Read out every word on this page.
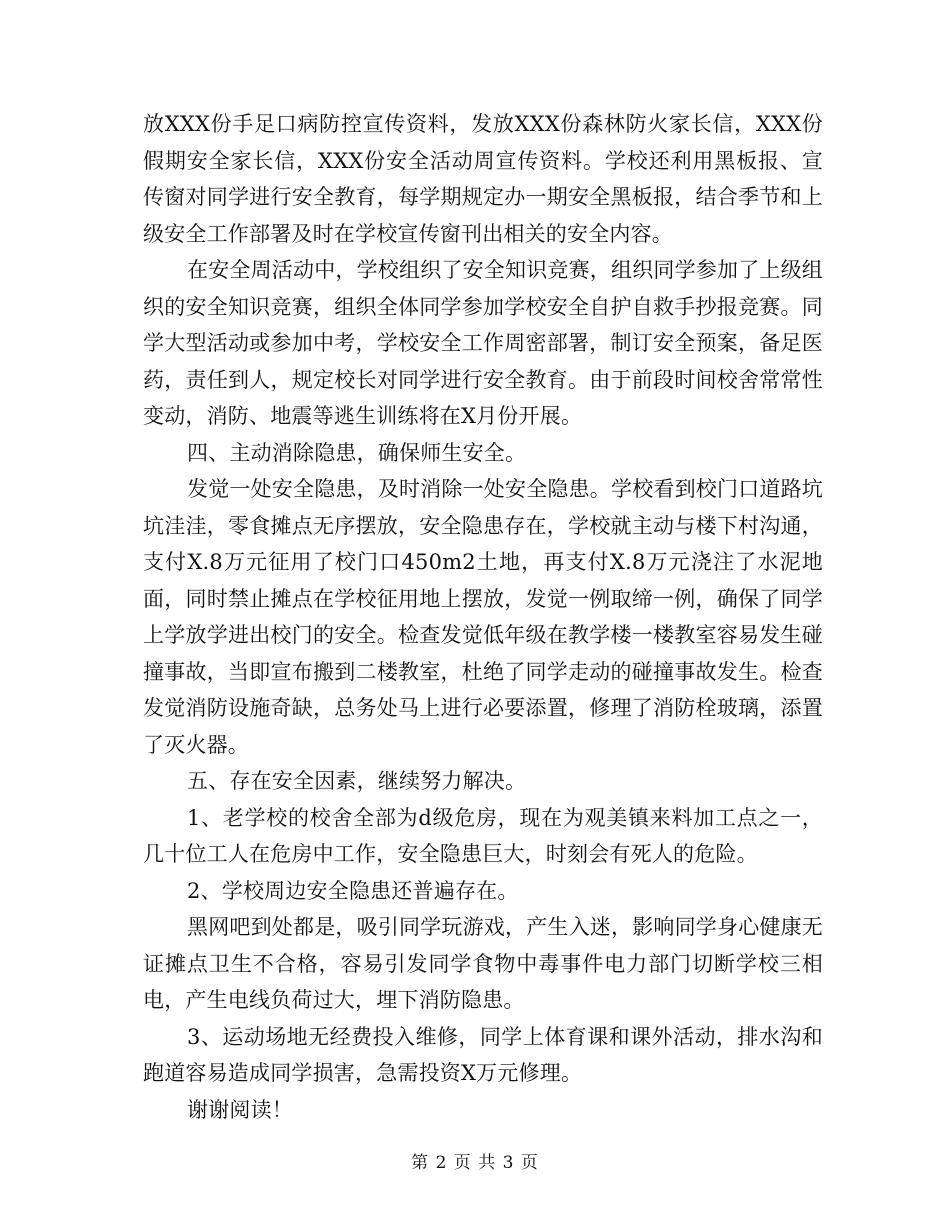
放XXX份手足口病防控宣传资料，发放XXX份森林防火家长信，XXX份假期安全家长信，XXX份安全活动周宣传资料。学校还利用黑板报、宣传窗对同学进行安全教育，每学期规定办一期安全黑板报，结合季节和上级安全工作部署及时在学校宣传窗刊出相关的安全内容。

在安全周活动中，学校组织了安全知识竞赛，组织同学参加了上级组织的安全知识竞赛，组织全体同学参加学校安全自护自救手抄报竞赛。同学大型活动或参加中考，学校安全工作周密部署，制订安全预案，备足医药，责任到人，规定校长对同学进行安全教育。由于前段时间校舍常常性变动，消防、地震等逃生训练将在X月份开展。

四、主动消除隐患，确保师生安全。

发觉一处安全隐患，及时消除一处安全隐患。学校看到校门口道路坑坑洼洼，零食摊点无序摆放，安全隐患存在，学校就主动与楼下村沟通，支付X.8万元征用了校门口450m2土地，再支付X.8万元浇注了水泥地面，同时禁止摊点在学校征用地上摆放，发觉一例取缔一例，确保了同学上学放学进出校门的安全。检查发觉低年级在教学楼一楼教室容易发生碰撞事故，当即宣布搬到二楼教室，杜绝了同学走动的碰撞事故发生。检查发觉消防设施奇缺，总务处马上进行必要添置，修理了消防栓玻璃，添置了灭火器。

五、存在安全因素，继续努力解决。

1、老学校的校舍全部为d级危房，现在为观美镇来料加工点之一，几十位工人在危房中工作，安全隐患巨大，时刻会有死人的危险。

2、学校周边安全隐患还普遍存在。

黑网吧到处都是，吸引同学玩游戏，产生入迷，影响同学身心健康无证摊点卫生不合格，容易引发同学食物中毒事件电力部门切断学校三相电，产生电线负荷过大，埋下消防隐患。

3、运动场地无经费投入维修，同学上体育课和课外活动，排水沟和跑道容易造成同学损害，急需投资X万元修理。

谢谢阅读！

第 2 页 共 3 页
